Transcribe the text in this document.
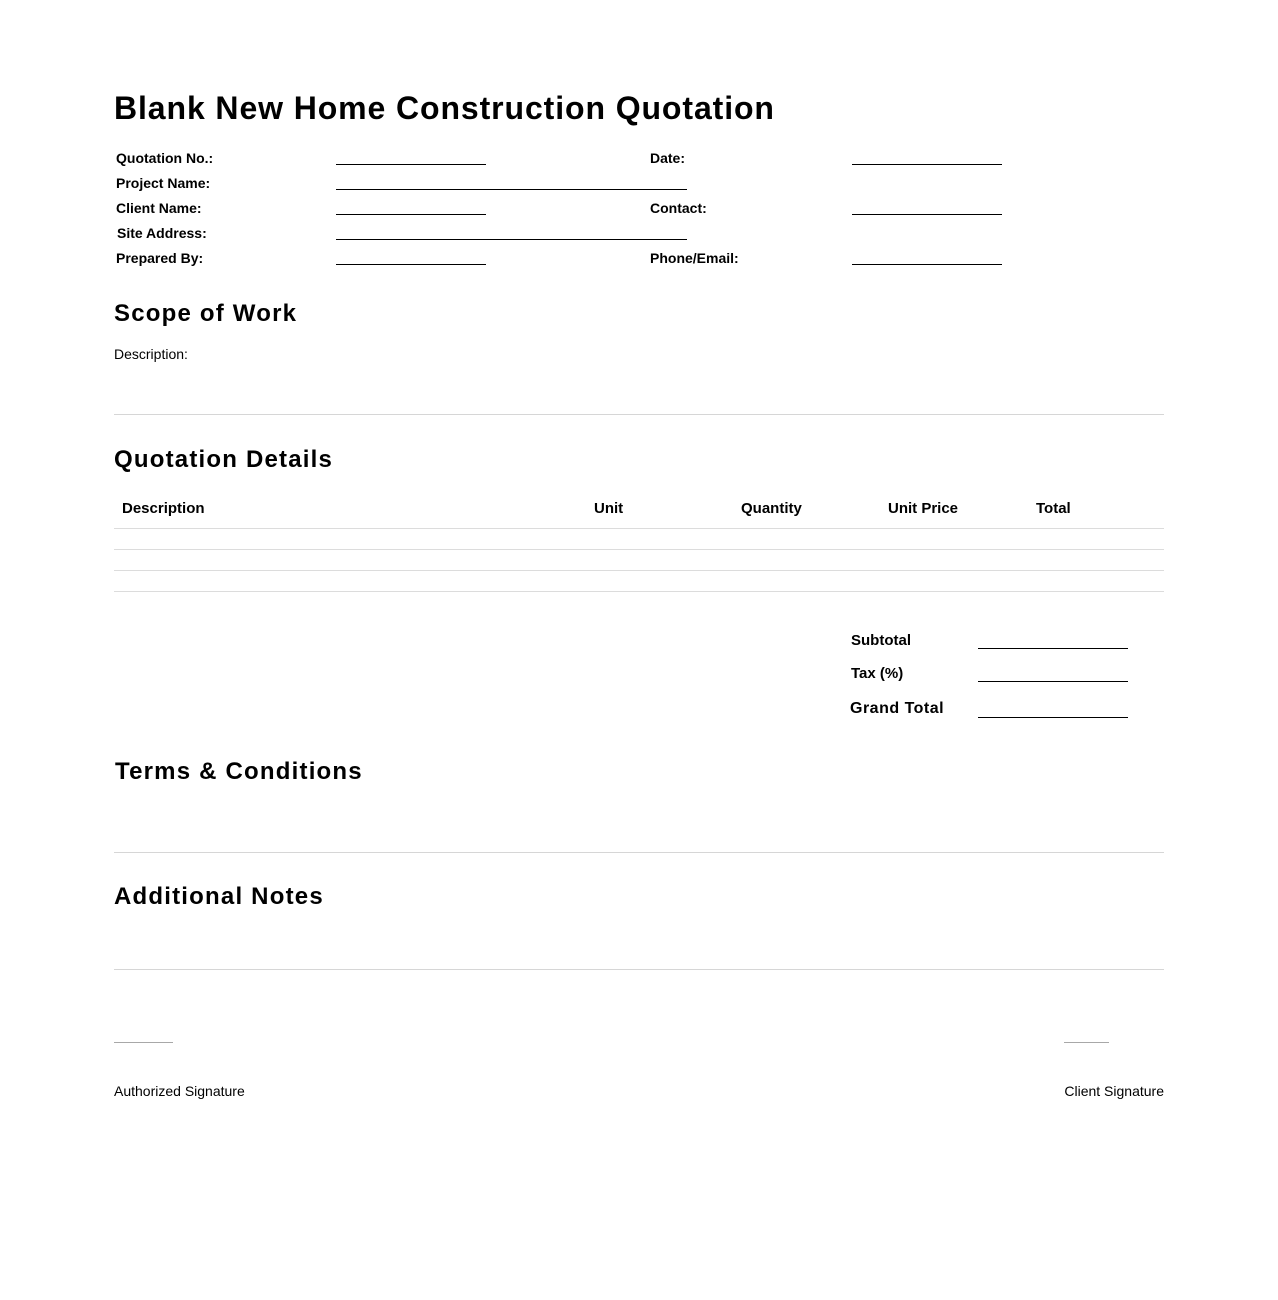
Blank New Home Construction Quotation
Quotation No.:	Date:
Project Name:
Client Name:	Contact:
Site Address:
Prepared By:	Phone/Email:
Scope of Work
Description:
Quotation Details
Description	Unit	Quantity	Unit Price	Total
Subtotal
Tax (%)
Grand Total
Terms & Conditions
Additional Notes
Authorized Signature	Client Signature
